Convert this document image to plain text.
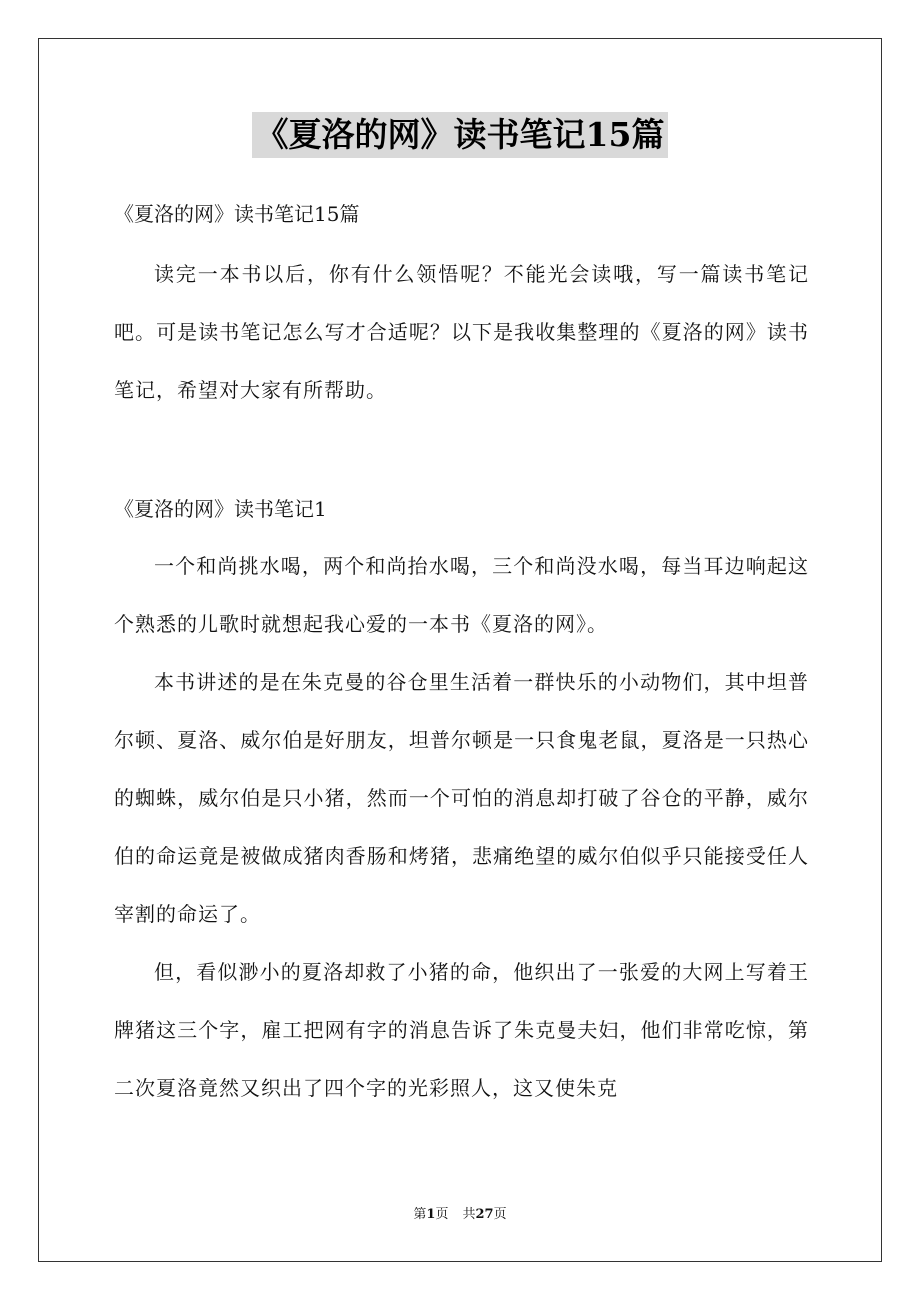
《夏洛的网》读书笔记15篇

《夏洛的网》读书笔记15篇

读完一本书以后，你有什么领悟呢？不能光会读哦，写一篇读书笔记吧。可是读书笔记怎么写才合适呢？以下是我收集整理的《夏洛的网》读书笔记，希望对大家有所帮助。

《夏洛的网》读书笔记1

一个和尚挑水喝，两个和尚抬水喝，三个和尚没水喝，每当耳边响起这个熟悉的儿歌时就想起我心爱的一本书《夏洛的网》。

本书讲述的是在朱克曼的谷仓里生活着一群快乐的小动物们，其中坦普尔顿、夏洛、威尔伯是好朋友，坦普尔顿是一只食鬼老鼠，夏洛是一只热心的蜘蛛，威尔伯是只小猪，然而一个可怕的消息却打破了谷仓的平静，威尔伯的命运竟是被做成猪肉香肠和烤猪，悲痛绝望的威尔伯似乎只能接受任人宰割的命运了。

但，看似渺小的夏洛却救了小猪的命，他织出了一张爱的大网上写着王牌猪这三个字，雇工把网有字的消息告诉了朱克曼夫妇，他们非常吃惊，第二次夏洛竟然又织出了四个字的光彩照人，这又使朱克

第1页 共27页
